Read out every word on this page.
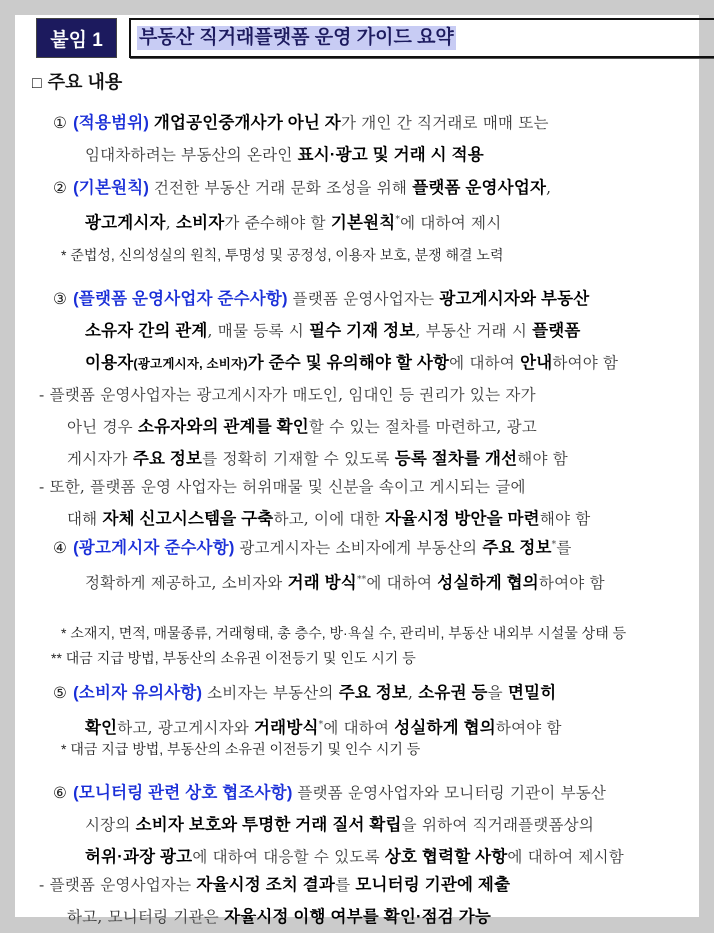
붙임 1	부동산 직거래플랫폼 운영 가이드 요약
□ 주요 내용
① (적용범위) 개업공인중개사가 아닌 자가 개인 간 직거래로 매매 또는
임대차하려는 부동산의 온라인 표시·광고 및 거래 시 적용
② (기본원칙) 건전한 부동산 거래 문화 조성을 위해 플랫폼 운영사업자,
광고게시자, 소비자가 준수해야 할 기본원칙*에 대하여 제시
* 준법성, 신의성실의 원칙, 투명성 및 공정성, 이용자 보호, 분쟁 해결 노력
③ (플랫폼 운영사업자 준수사항) 플랫폼 운영사업자는 광고게시자와 부동산
소유자 간의 관계, 매물 등록 시 필수 기재 정보, 부동산 거래 시 플랫폼
이용자(광고게시자, 소비자)가 준수 및 유의해야 할 사항에 대하여 안내하여야 함
- 플랫폼 운영사업자는 광고게시자가 매도인, 임대인 등 권리가 있는 자가
아닌 경우 소유자와의 관계를 확인할 수 있는 절차를 마련하고, 광고
게시자가 주요 정보를 정확히 기재할 수 있도록 등록 절차를 개선해야 함
- 또한, 플랫폼 운영 사업자는 허위매물 및 신분을 속이고 게시되는 글에
대해 자체 신고시스템을 구축하고, 이에 대한 자율시정 방안을 마련해야 함
④ (광고게시자 준수사항) 광고게시자는 소비자에게 부동산의 주요 정보*를
정확하게 제공하고, 소비자와 거래 방식**에 대하여 성실하게 협의하여야 함
* 소재지, 면적, 매물종류, 거래형태, 총 층수, 방·욕실 수, 관리비, 부동산 내외부 시설물 상태 등
** 대금 지급 방법, 부동산의 소유권 이전등기 및 인도 시기 등
⑤ (소비자 유의사항) 소비자는 부동산의 주요 정보, 소유권 등을 면밀히
확인하고, 광고게시자와 거래방식*에 대하여 성실하게 협의하여야 함
* 대금 지급 방법, 부동산의 소유권 이전등기 및 인수 시기 등
⑥ (모니터링 관련 상호 협조사항) 플랫폼 운영사업자와 모니터링 기관이 부동산
시장의 소비자 보호와 투명한 거래 질서 확립을 위하여 직거래플랫폼상의
허위·과장 광고에 대하여 대응할 수 있도록 상호 협력할 사항에 대하여 제시함
- 플랫폼 운영사업자는 자율시정 조치 결과를 모니터링 기관에 제출
하고, 모니터링 기관은 자율시정 이행 여부를 확인·점검 가능
